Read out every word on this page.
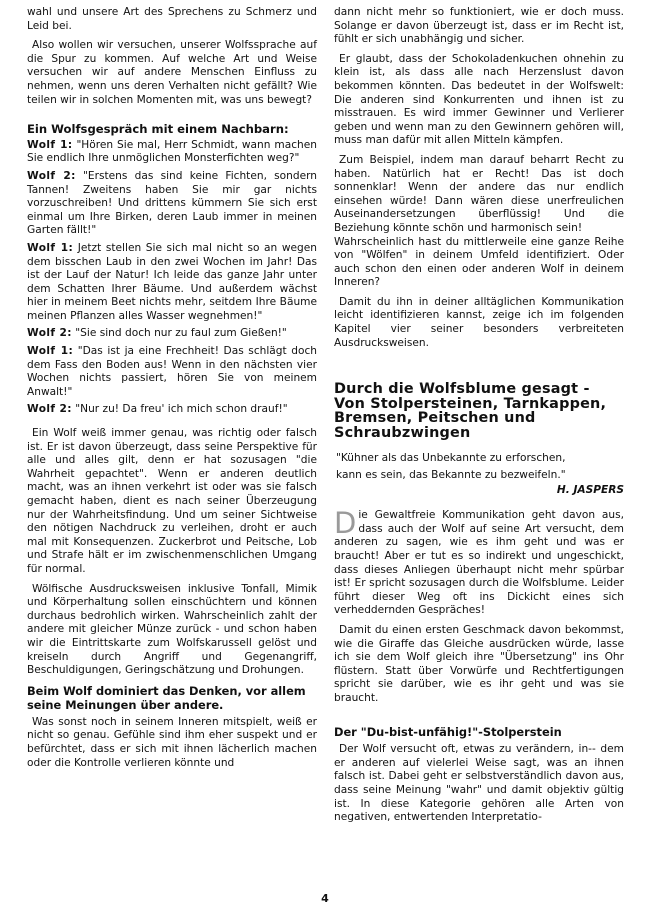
wahl und unsere Art des Sprechens zu Schmerz und Leid bei.

Also wollen wir versuchen, unserer Wolfssprache auf die Spur zu kommen. Auf welche Art und Weise versuchen wir auf andere Menschen Einfluss zu nehmen, wenn uns deren Verhalten nicht gefällt? Wie teilen wir in solchen Momenten mit, was uns bewegt?

Ein Wolfsgespräch mit einem Nachbarn:

Wolf 1: "Hören Sie mal, Herr Schmidt, wann machen Sie endlich Ihre unmöglichen Monsterfichten weg?"

Wolf 2: "Erstens das sind keine Fichten, sondern Tannen! Zweitens haben Sie mir gar nichts vorzuschreiben! Und drittens kümmern Sie sich erst einmal um Ihre Birken, deren Laub immer in meinen Garten fällt!"

Wolf 1: Jetzt stellen Sie sich mal nicht so an wegen dem bisschen Laub in den zwei Wochen im Jahr! Das ist der Lauf der Natur! Ich leide das ganze Jahr unter dem Schatten Ihrer Bäume. Und außerdem wächst hier in meinem Beet nichts mehr, seitdem Ihre Bäume meinen Pflanzen alles Wasser wegnehmen!"

Wolf 2: "Sie sind doch nur zu faul zum Gießen!"

Wolf 1: "Das ist ja eine Frechheit! Das schlägt doch dem Fass den Boden aus! Wenn in den nächsten vier Wochen nichts passiert, hören Sie von meinem Anwalt!"

Wolf 2: "Nur zu! Da freu' ich mich schon drauf!"

Ein Wolf weiß immer genau, was richtig oder falsch ist. Er ist davon überzeugt, dass seine Perspektive für alle und alles gilt, denn er hat sozusagen "die Wahrheit gepachtet". Wenn er anderen deutlich macht, was an ihnen verkehrt ist oder was sie falsch gemacht haben, dient es nach seiner Überzeugung nur der Wahrheitsfindung. Und um seiner Sichtweise den nötigen Nachdruck zu verleihen, droht er auch mal mit Konsequenzen. Zuckerbrot und Peitsche, Lob und Strafe hält er im zwischenmenschlichen Umgang für normal.

Wölfische Ausdrucksweisen inklusive Tonfall, Mimik und Körperhaltung sollen einschüchtern und können durchaus bedrohlich wirken. Wahrscheinlich zahlt der andere mit gleicher Münze zurück - und schon haben wir die Eintrittskarte zum Wolfskarussell gelöst und kreiseln durch Angriff und Gegenangriff, Beschuldigungen, Geringschätzung und Drohungen.

Beim Wolf dominiert das Denken, vor allem seine Meinungen über andere.

Was sonst noch in seinem Inneren mitspielt, weiß er nicht so genau. Gefühle sind ihm eher suspekt und er befürchtet, dass er sich mit ihnen lächerlich machen oder die Kontrolle verlieren könnte und

dann nicht mehr so funktioniert, wie er doch muss. Solange er davon überzeugt ist, dass er im Recht ist, fühlt er sich unabhängig und sicher.

Er glaubt, dass der Schokoladenkuchen ohnehin zu klein ist, als dass alle nach Herzenslust davon bekommen könnten. Das bedeutet in der Wolfswelt: Die anderen sind Konkurrenten und ihnen ist zu misstrauen. Es wird immer Gewinner und Verlierer geben und wenn man zu den Gewinnern gehören will, muss man dafür mit allen Mitteln kämpfen.

Zum Beispiel, indem man darauf beharrt Recht zu haben. Natürlich hat er Recht! Das ist doch sonnenklar! Wenn der andere das nur endlich einsehen würde! Dann wären diese unerfreulichen Auseinandersetzungen überflüssig! Und die Beziehung könnte schön und harmonisch sein!

Wahrscheinlich hast du mittlerweile eine ganze Reihe von "Wölfen" in deinem Umfeld identifiziert. Oder auch schon den einen oder anderen Wolf in deinem Inneren?

Damit du ihn in deiner alltäglichen Kommunikation leicht identifizieren kannst, zeige ich im folgenden Kapitel vier seiner besonders verbreiteten Ausdrucksweisen.

Durch die Wolfsblume gesagt - Von Stolpersteinen, Tarnkappen, Bremsen, Peitschen und Schraubzwingen
"Kühner als das Unbekannte zu erforschen,
kann es sein, das Bekannte zu bezweifeln."
H. JASPERS

Die Gewaltfreie Kommunikation geht davon aus, dass auch der Wolf auf seine Art versucht, dem anderen zu sagen, wie es ihm geht und was er braucht! Aber er tut es so indirekt und ungeschickt, dass dieses Anliegen überhaupt nicht mehr spürbar ist! Er spricht sozusagen durch die Wolfsblume. Leider führt dieser Weg oft ins Dickicht eines sich verheddernden Gespräches!

Damit du einen ersten Geschmack davon bekommst, wie die Giraffe das Gleiche ausdrücken würde, lasse ich sie dem Wolf gleich ihre "Übersetzung" ins Ohr flüstern. Statt über Vorwürfe und Rechtfertigungen spricht sie darüber, wie es ihr geht und was sie braucht.

Der "Du-bist-unfähig!"-Stolperstein

Der Wolf versucht oft, etwas zu verändern, in-- dem er anderen auf vielerlei Weise sagt, was an ihnen falsch ist. Dabei geht er selbstverständlich davon aus, dass seine Meinung "wahr" und damit objektiv gültig ist. In diese Kategorie gehören alle Arten von negativen, entwertenden Interpretatio-

4
